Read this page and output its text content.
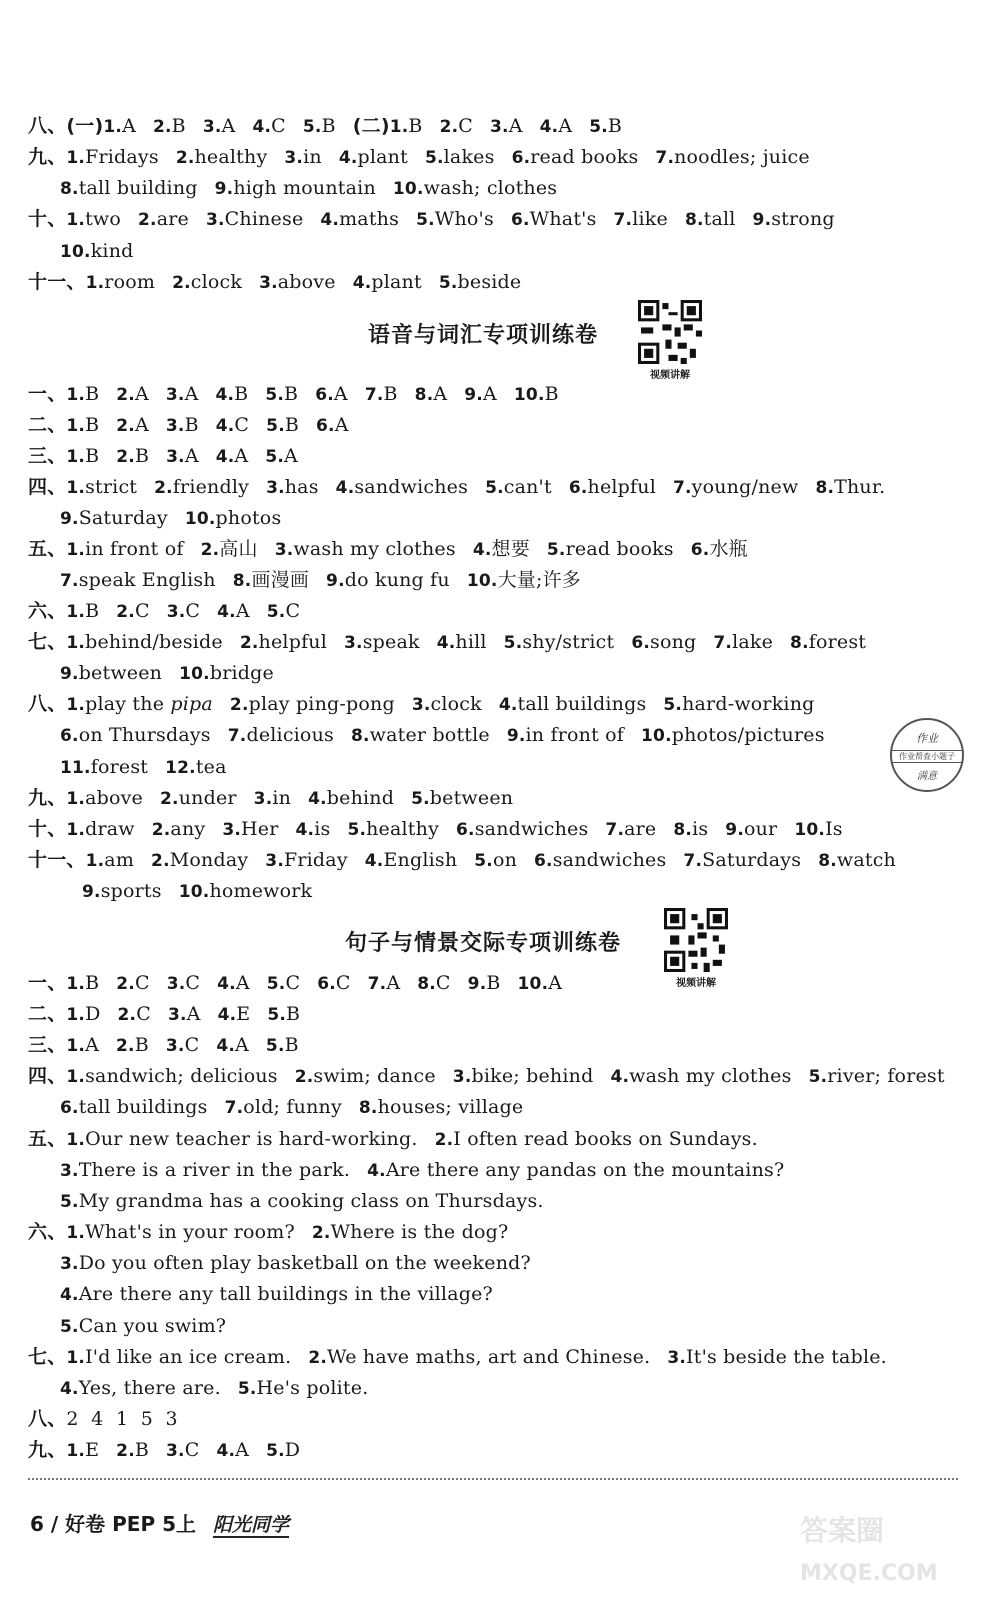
八、(一)1.A 2.B 3.A 4.C 5.B (二)1.B 2.C 3.A 4.A 5.B
九、1.Fridays 2.healthy 3.in 4.plant 5.lakes 6.read books 7.noodles; juice
8.tall building 9.high mountain 10.wash; clothes
十、1.two 2.are 3.Chinese 4.maths 5.Who's 6.What's 7.like 8.tall 9.strong
10.kind
十一、1.room 2.clock 3.above 4.plant 5.beside
语音与词汇专项训练卷
视频讲解
一、1.B 2.A 3.A 4.B 5.B 6.A 7.B 8.A 9.A 10.B
二、1.B 2.A 3.B 4.C 5.B 6.A
三、1.B 2.B 3.A 4.A 5.A
四、1.strict 2.friendly 3.has 4.sandwiches 5.can't 6.helpful 7.young/new 8.Thur.
9.Saturday 10.photos
五、1.in front of 2.高山 3.wash my clothes 4.想要 5.read books 6.水瓶
7.speak English 8.画漫画 9.do kung fu 10.大量;许多
六、1.B 2.C 3.C 4.A 5.C
七、1.behind/beside 2.helpful 3.speak 4.hill 5.shy/strict 6.song 7.lake 8.forest
9.between 10.bridge
八、1.play the pipa 2.play ping-pong 3.clock 4.tall buildings 5.hard-working
6.on Thursdays 7.delicious 8.water bottle 9.in front of 10.photos/pictures
11.forest 12.tea
九、1.above 2.under 3.in 4.behind 5.between
十、1.draw 2.any 3.Her 4.is 5.healthy 6.sandwiches 7.are 8.is 9.our 10.Is
十一、1.am 2.Monday 3.Friday 4.English 5.on 6.sandwiches 7.Saturdays 8.watch
9.sports 10.homework
作业
作业帮查小题子
满意
句子与情景交际专项训练卷
视频讲解
一、1.B 2.C 3.C 4.A 5.C 6.C 7.A 8.C 9.B 10.A
二、1.D 2.C 3.A 4.E 5.B
三、1.A 2.B 3.C 4.A 5.B
四、1.sandwich; delicious 2.swim; dance 3.bike; behind 4.wash my clothes 5.river; forest
6.tall buildings 7.old; funny 8.houses; village
五、1.Our new teacher is hard-working. 2.I often read books on Sundays.
3.There is a river in the park. 4.Are there any pandas on the mountains?
5.My grandma has a cooking class on Thursdays.
六、1.What's in your room? 2.Where is the dog?
3.Do you often play basketball on the weekend?
4.Are there any tall buildings in the village?
5.Can you swim?
七、1.I'd like an ice cream. 2.We have maths, art and Chinese. 3.It's beside the table.
4.Yes, there are. 5.He's polite.
八、2  4  1  5  3
九、1.E 2.B 3.C 4.A 5.D
6 / 好卷 PEP 5上 阳光同学	答案圈
MXQE.COM
